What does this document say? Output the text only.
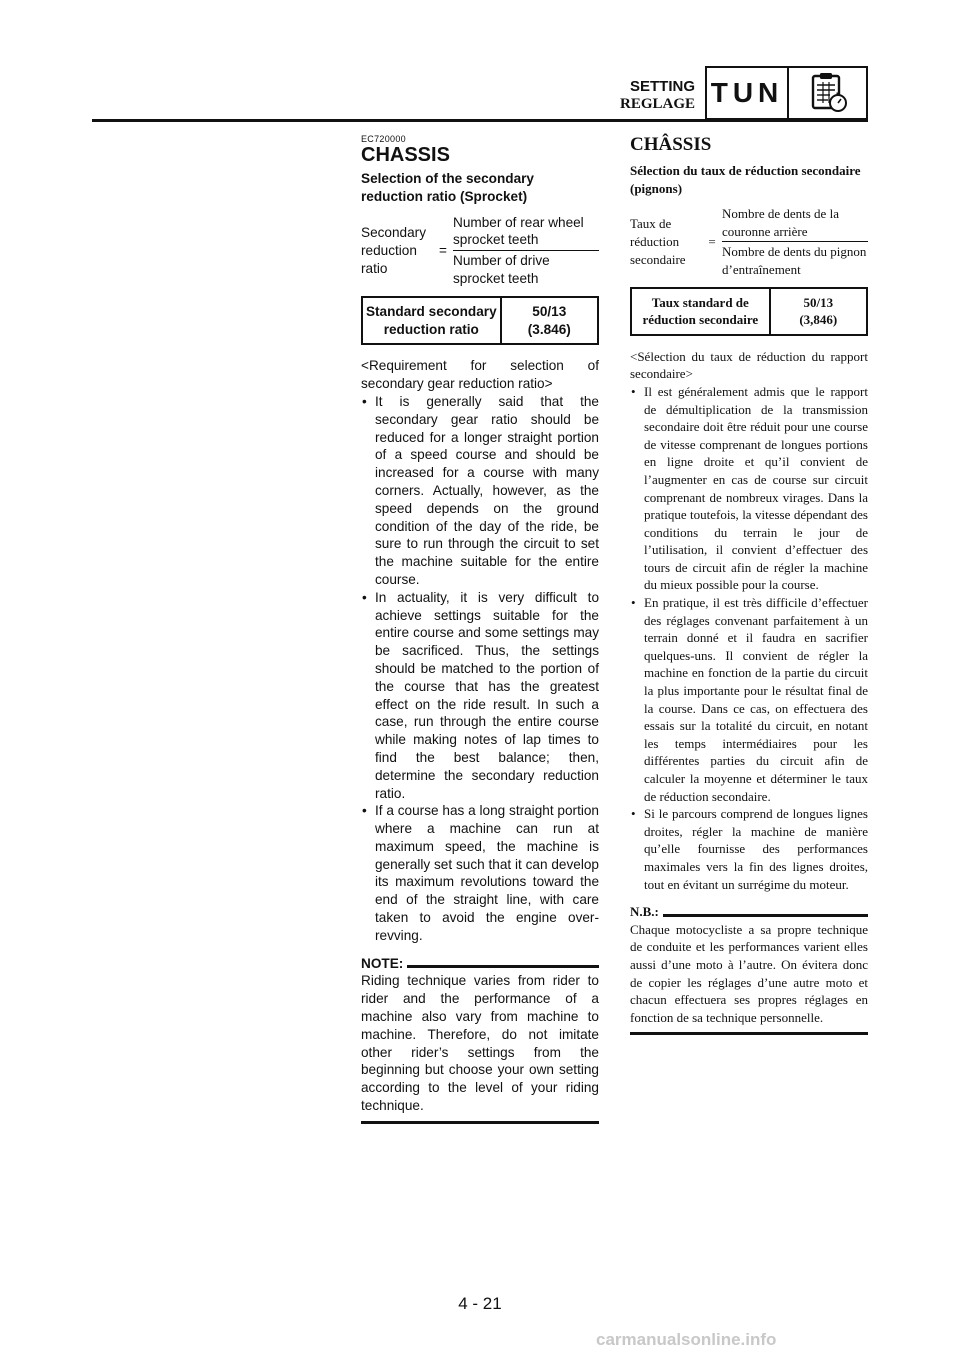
SETTING
REGLAGE TUN
EC720000
CHASSIS
Selection of the secondary reduction ratio (Sprocket)
Secondary reduction ratio
= $\frac{\text{Number of rear wheel sprocket teeth}}{\text{Number of drive sprocket teeth}}$
Standard secondary reduction ratio
50/13
(3.846)

<Requirement for selection of secondary gear reduction ratio>

• It is generally said that the secondary gear ratio should be reduced for a longer straight portion of a speed course and should be increased for a course with many corners. Actually, however, as the speed depends on the ground condition of the day of the ride, be sure to run through the circuit to set the machine suitable for the entire course.
• In actuality, it is very difficult to achieve settings suitable for the entire course and some settings may be sacrificed. Thus, the settings should be matched to the portion of the course that has the greatest effect on the ride result. In such a case, run through the entire course while making notes of lap times to find the best balance; then, determine the secondary reduction ratio.
• If a course has a long straight portion where a machine can run at maximum speed, the machine is generally set such that it can develop its maximum revolutions toward the end of the straight line, with care taken to avoid the engine over-revving.
NOTE:

Riding technique varies from rider to rider and the performance of a machine also vary from machine to machine. Therefore, do not imitate other rider’s settings from the beginning but choose your own setting according to the level of your riding technique.

CHÂSSIS
Sélection du taux de réduction secondaire (pignons)
Taux de réduction secondaire
= $\frac{\text{Nombre de dents de la couronne arrière}}{\text{Nombre de dents du pignon d’entraînement}}$
Taux standard de réduction secondaire
50/13
(3,846)

<Sélection du taux de réduction du rapport secondaire>

• Il est généralement admis que le rapport de démultiplication de la transmission secondaire doit être réduit pour une course de vitesse comprenant de longues portions en ligne droite et qu’il convient de l’augmenter en cas de course sur circuit comprenant de nombreux virages. Dans la pratique toutefois, la vitesse dépendant des conditions du terrain le jour de l’utilisation, il convient d’effectuer des tours de circuit afin de régler la machine du mieux possible pour la course.
• En pratique, il est très difficile d’effectuer des réglages convenant parfaitement à un terrain donné et il faudra en sacrifier quelques-uns. Il convient de régler la machine en fonction de la partie du circuit la plus importante pour le résultat final de la course. Dans ce cas, on effectuera des essais sur la totalité du circuit, en notant les temps intermédiaires pour les différentes parties du circuit afin de calculer la moyenne et déterminer le taux de réduction secondaire.
• Si le parcours comprend de longues lignes droites, régler la machine de manière qu’elle fournisse des performances maximales vers la fin des lignes droites, tout en évitant un surrégime du moteur.
N.B.:

Chaque motocycliste a sa propre technique de conduite et les performances varient elles aussi d’une moto à l’autre. On évitera donc de copier les réglages d’une autre moto et chacun effectuera ses propres réglages en fonction de sa technique personnelle.

4 - 21
carmanualsonline.info
